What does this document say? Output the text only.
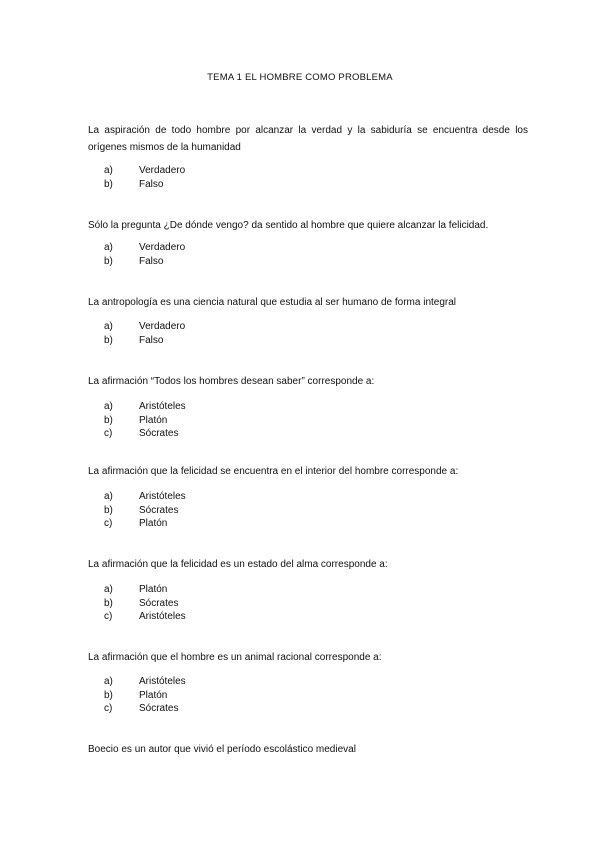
TEMA 1 EL HOMBRE COMO PROBLEMA
La aspiración de todo hombre por alcanzar la verdad y la sabiduría se encuentra desde los orígenes mismos de la humanidad
a)	Verdadero
b)	Falso
Sólo la pregunta ¿De dónde vengo? da sentido al hombre que quiere alcanzar la felicidad.
a)	Verdadero
b)	Falso
La antropología es una ciencia natural que estudia al ser humano de forma integral
a)	Verdadero
b)	Falso
La afirmación “Todos los hombres desean saber” corresponde a:
a)	Aristóteles
b)	Platón
c)	Sócrates
La afirmación que la felicidad se encuentra en el interior del hombre corresponde a:
a)	Aristóteles
b)	Sócrates
c)	Platón
La afirmación que la felicidad es un estado del alma corresponde a:
a)	Platón
b)	Sócrates
c)	Aristóteles
La afirmación que el hombre es un animal racional corresponde a:
a)	Aristóteles
b)	Platón
c)	Sócrates
Boecio es un autor que vivió el período escolástico medieval
